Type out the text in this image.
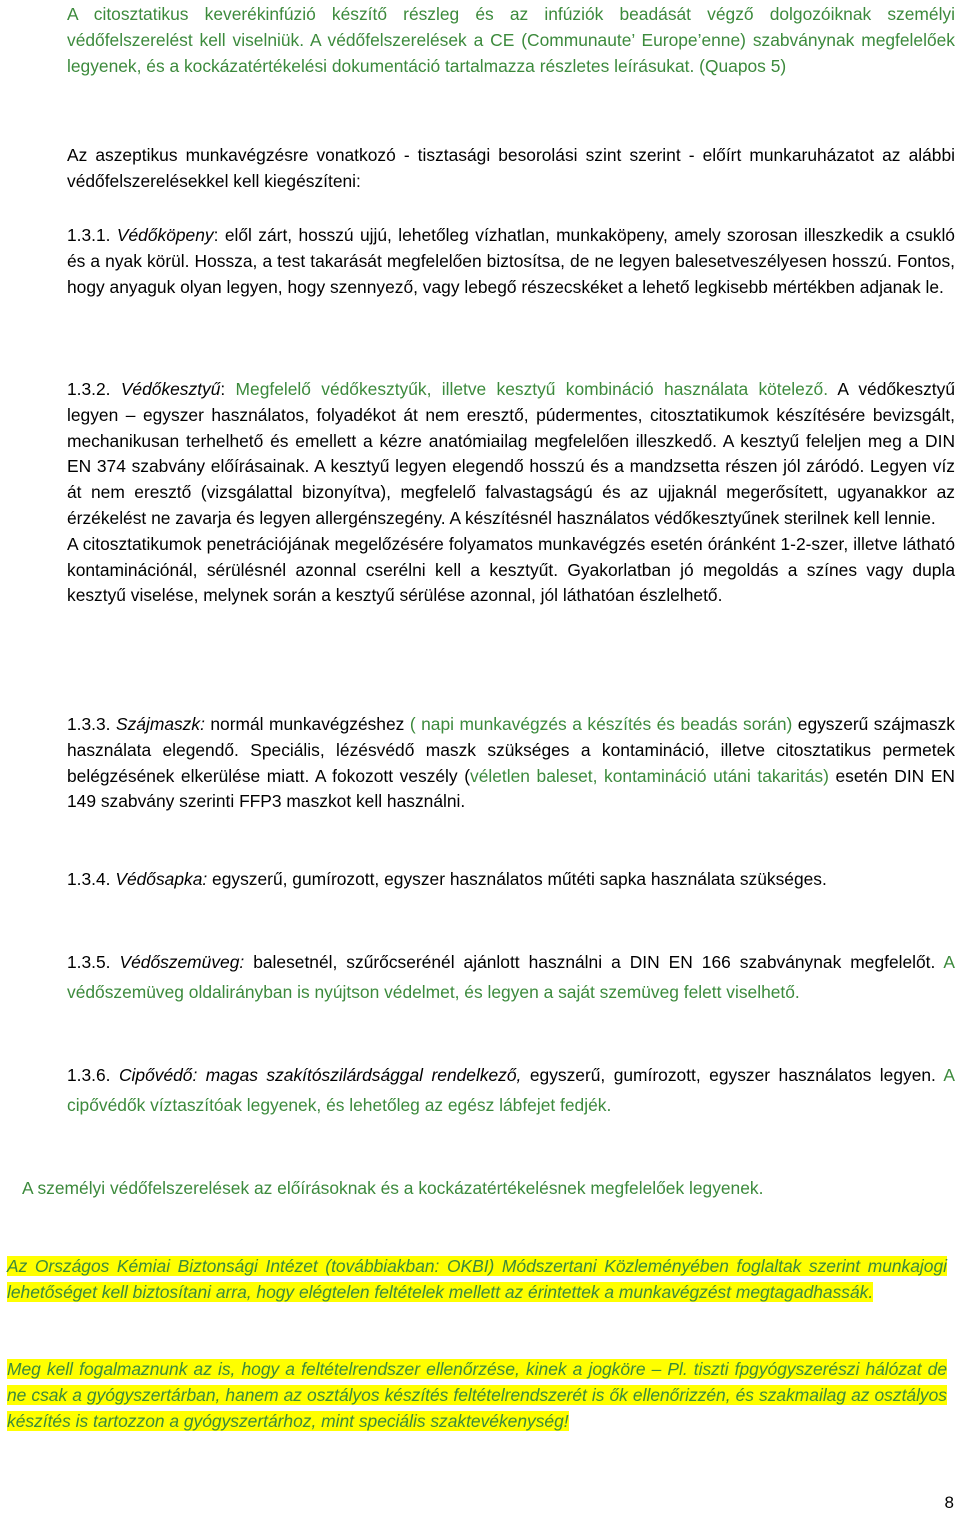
A citosztatikus keverékinfúzió készítő részleg és az infúziók beadását végző dolgozóiknak személyi védőfelszerelést kell viselniük. A védőfelszerelések a CE (Communaute’ Europe’enne) szabványnak megfelelőek legyenek, és a kockázatértékelési dokumentáció tartalmazza részletes leírásukat. (Quapos 5)

Az aszeptikus munkavégzésre vonatkozó - tisztasági besorolási szint szerint - előírt munkaruházatot az alábbi védőfelszerelésekkel kell kiegészíteni:

1.3.1. Védőköpeny: elől zárt, hosszú ujjú, lehetőleg vízhatlan, munkaköpeny, amely szorosan illeszkedik a csukló és a nyak körül. Hossza, a test takarását megfelelően biztosítsa, de ne legyen balesetveszélyesen hosszú. Fontos, hogy anyaguk olyan legyen, hogy szennyező, vagy lebegő részecskéket a lehető legkisebb mértékben adjanak le.

1.3.2. Védőkesztyű: Megfelelő védőkesztyűk, illetve kesztyű kombináció használata kötelező. A védőkesztyű legyen – egyszer használatos, folyadékot át nem eresztő, púdermentes, citosztatikumok készítésére bevizsgált, mechanikusan terhelhető és emellett a kézre anatómiailag megfelelően illeszkedő. A kesztyű feleljen meg a DIN EN 374 szabvány előírásainak. A kesztyű legyen elegendő hosszú és a mandzsetta részen jól záródó. Legyen víz át nem eresztő (vizsgálattal bizonyítva), megfelelő falvastagságú és az ujjaknál megerősített, ugyanakkor az érzékelést ne zavarja és legyen allergénszegény. A készítésnél használatos védőkesztyűnek sterilnek kell lennie.

A citosztatikumok penetrációjának megelőzésére folyamatos munkavégzés esetén óránként 1-2-szer, illetve látható kontaminációnál, sérülésnél azonnal cserélni kell a kesztyűt. Gyakorlatban jó megoldás a színes vagy dupla kesztyű viselése, melynek során a kesztyű sérülése azonnal, jól láthatóan észlelhető.

1.3.3. Szájmaszk: normál munkavégzéshez ( napi munkavégzés a készítés és beadás során) egyszerű szájmaszk használata elegendő. Speciális, lézésvédő maszk szükséges a kontamináció, illetve citosztatikus permetek belégzésének elkerülése miatt. A fokozott veszély (véletlen baleset, kontamináció utáni takaritás) esetén DIN EN 149 szabvány szerinti FFP3 maszkot kell használni.

1.3.4. Védősapka: egyszerű, gumírozott, egyszer használatos műtéti sapka használata szükséges.

1.3.5. Védőszemüveg: balesetnél, szűrőcserénél ajánlott használni a DIN EN 166 szabványnak megfelelőt. A védőszemüveg oldalirányban is nyújtson védelmet, és legyen a saját szemüveg felett viselhető.

1.3.6. Cipővédő: magas szakítószilárdsággal rendelkező, egyszerű, gumírozott, egyszer használatos legyen. A cipővédők víztaszítóak legyenek, és lehetőleg az egész lábfejet fedjék.

A személyi védőfelszerelések az előírásoknak és a kockázatértékelésnek megfelelőek legyenek.

Az Országos Kémiai Biztonsági Intézet (továbbiakban: OKBI) Módszertani Közleményében foglaltak szerint munkajogi lehetőséget kell biztosítani arra, hogy elégtelen feltételek mellett az érintettek a munkavégzést megtagadhassák.

Meg kell fogalmaznunk az is, hogy a feltételrendszer ellenőrzése, kinek a jogköre – Pl. tiszti fpgyógyszerészi hálózat de ne csak a gyógyszertárban, hanem az osztályos készítés feltételrendszerét is ők ellenőrizzén, és szakmailag az osztályos készítés is tartozzon a gyógyszertárhoz, mint speciális szaktevékenység!

8
